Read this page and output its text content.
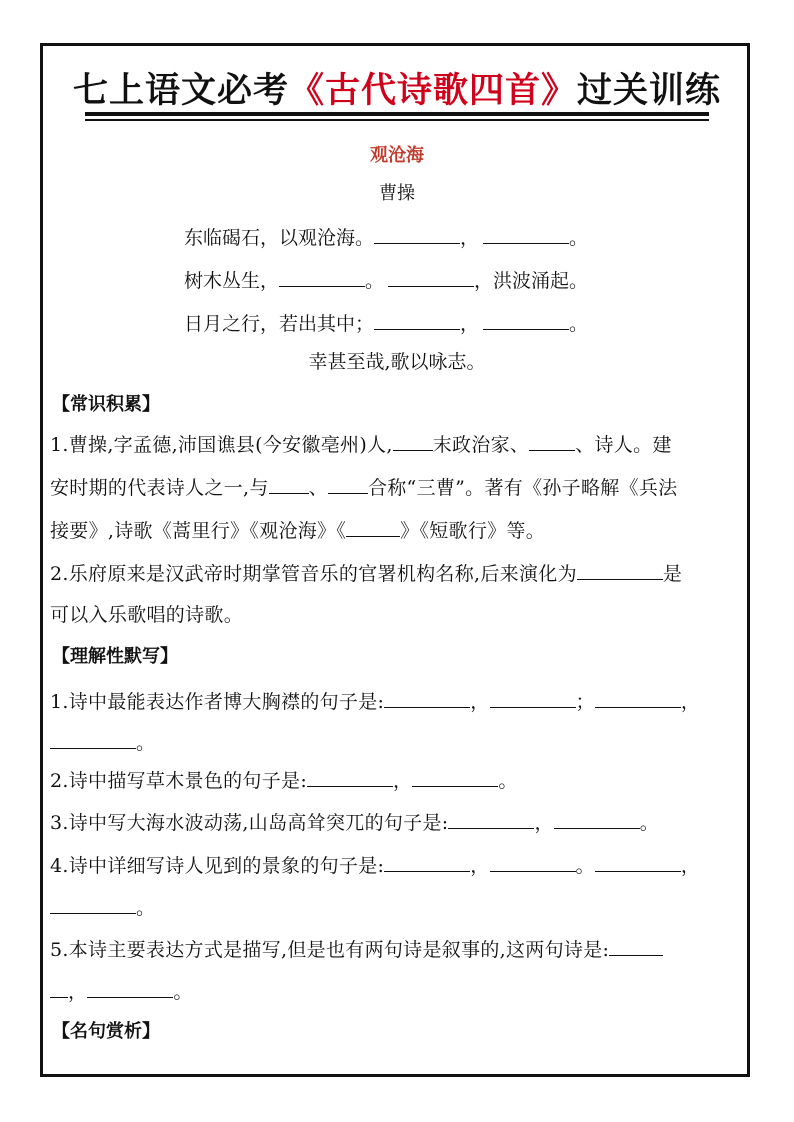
七上语文必考《古代诗歌四首》过关训练
观沧海
曹操
东临碣石，以观沧海。	，	。
树木丛生，	。	，洪波涌起。
日月之行，若出其中；	，	。
幸甚至哉,歌以咏志。
【常识积累】
1.曹操,字孟德,沛国谯县(今安徽亳州)人, 末政治家、 、诗人。建
安时期的代表诗人之一,与 、 合称“三曹”。著有《孙子略解《兵法
接要》,诗歌《蒿里行》《观沧海》《	》《短歌行》等。
2.乐府原来是汉武帝时期掌管音乐的官署机构名称,后来演化为	是
可以入乐歌唱的诗歌。
【理解性默写】
1.诗中最能表达作者博大胸襟的句子是:	，	；	，
。
2.诗中描写草木景色的句子是:	，	。
3.诗中写大海水波动荡,山岛高耸突兀的句子是:	，	。
4.诗中详细写诗人见到的景象的句子是:	，	。	，
。
5.本诗主要表达方式是描写,但是也有两句诗是叙事的,这两句诗是:
，	。
【名句赏析】
